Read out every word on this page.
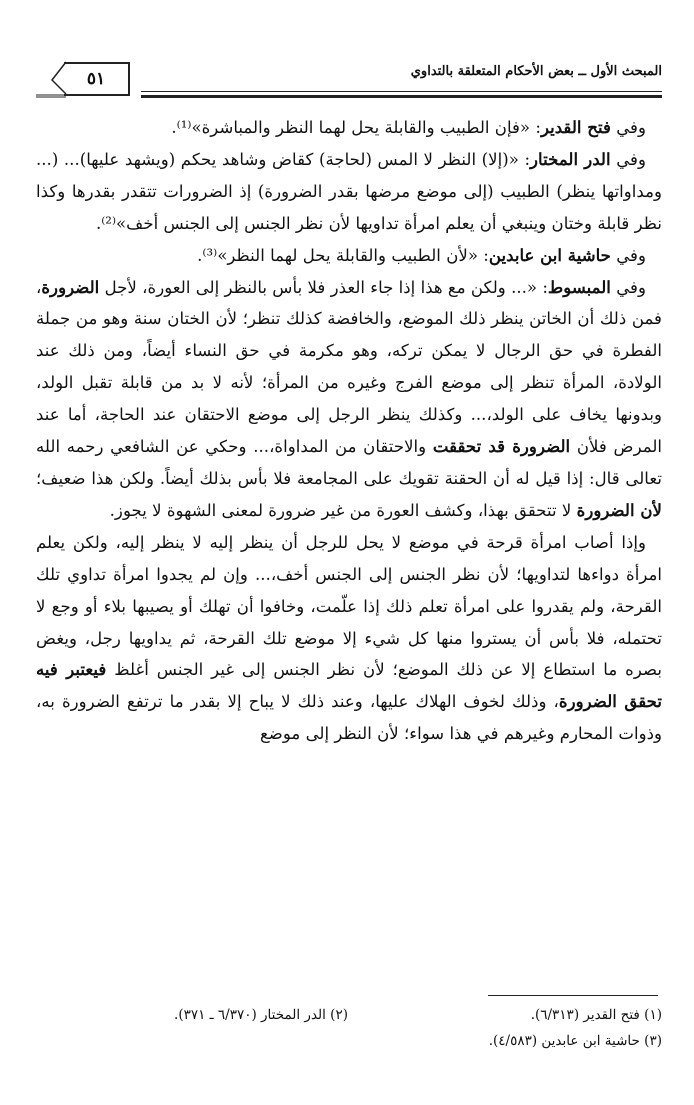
المبحث الأول ــ بعض الأحكام المتعلقة بالتداوي
٥١

وفي فتح القدير: «فإن الطبيب والقابلة يحل لهما النظر والمباشرة»⁽¹⁾.

وفي الدر المختار: «(إلا) النظر لا المس (لحاجة) كقاض وشاهد يحكم (ويشهد عليها)... (... ومداواتها ينظر) الطبيب (إلى موضع مرضها بقدر الضرورة) إذ الضرورات تتقدر بقدرها وكذا نظر قابلة وختان وينبغي أن يعلم امرأة تداويها لأن نظر الجنس إلى الجنس أخف»⁽²⁾.

وفي حاشية ابن عابدين: «لأن الطبيب والقابلة يحل لهما النظر»⁽³⁾.

وفي المبسوط: «... ولكن مع هذا إذا جاء العذر فلا بأس بالنظر إلى العورة، لأجل الضرورة، فمن ذلك أن الخاتن ينظر ذلك الموضع، والخافضة كذلك تنظر؛ لأن الختان سنة وهو من جملة الفطرة في حق الرجال لا يمكن تركه، وهو مكرمة في حق النساء أيضاً، ومن ذلك عند الولادة، المرأة تنظر إلى موضع الفرج وغيره من المرأة؛ لأنه لا بد من قابلة تقبل الولد، وبدونها يخاف على الولد،... وكذلك ينظر الرجل إلى موضع الاحتقان عند الحاجة، أما عند المرض فلأن الضرورة قد تحققت والاحتقان من المداواة،... وحكي عن الشافعي رحمه الله تعالى قال: إذا قيل له أن الحقنة تقويك على المجامعة فلا بأس بذلك أيضاً. ولكن هذا ضعيف؛ لأن الضرورة لا تتحقق بهذا، وكشف العورة من غير ضرورة لمعنى الشهوة لا يجوز.

وإذا أصاب امرأة قرحة في موضع لا يحل للرجل أن ينظر إليه لا ينظر إليه، ولكن يعلم امرأة دواءها لتداويها؛ لأن نظر الجنس إلى الجنس أخف،... وإن لم يجدوا امرأة تداوي تلك القرحة، ولم يقدروا على امرأة تعلم ذلك إذا علّمت، وخافوا أن تهلك أو يصيبها بلاء أو وجع لا تحتمله، فلا بأس أن يستروا منها كل شيء إلا موضع تلك القرحة، ثم يداويها رجل، ويغض بصره ما استطاع إلا عن ذلك الموضع؛ لأن نظر الجنس إلى غير الجنس أغلظ فيعتبر فيه تحقق الضرورة، وذلك لخوف الهلاك عليها، وعند ذلك لا يباح إلا بقدر ما ترتفع الضرورة به، وذوات المحارم وغيرهم في هذا سواء؛ لأن النظر إلى موضع

(١) فتح القدير (٦/٣١٣).
(٢) الدر المختار (٦/٣٧٠ ـ ٣٧١).
(٣) حاشية ابن عابدين (٤/٥٨٣).
